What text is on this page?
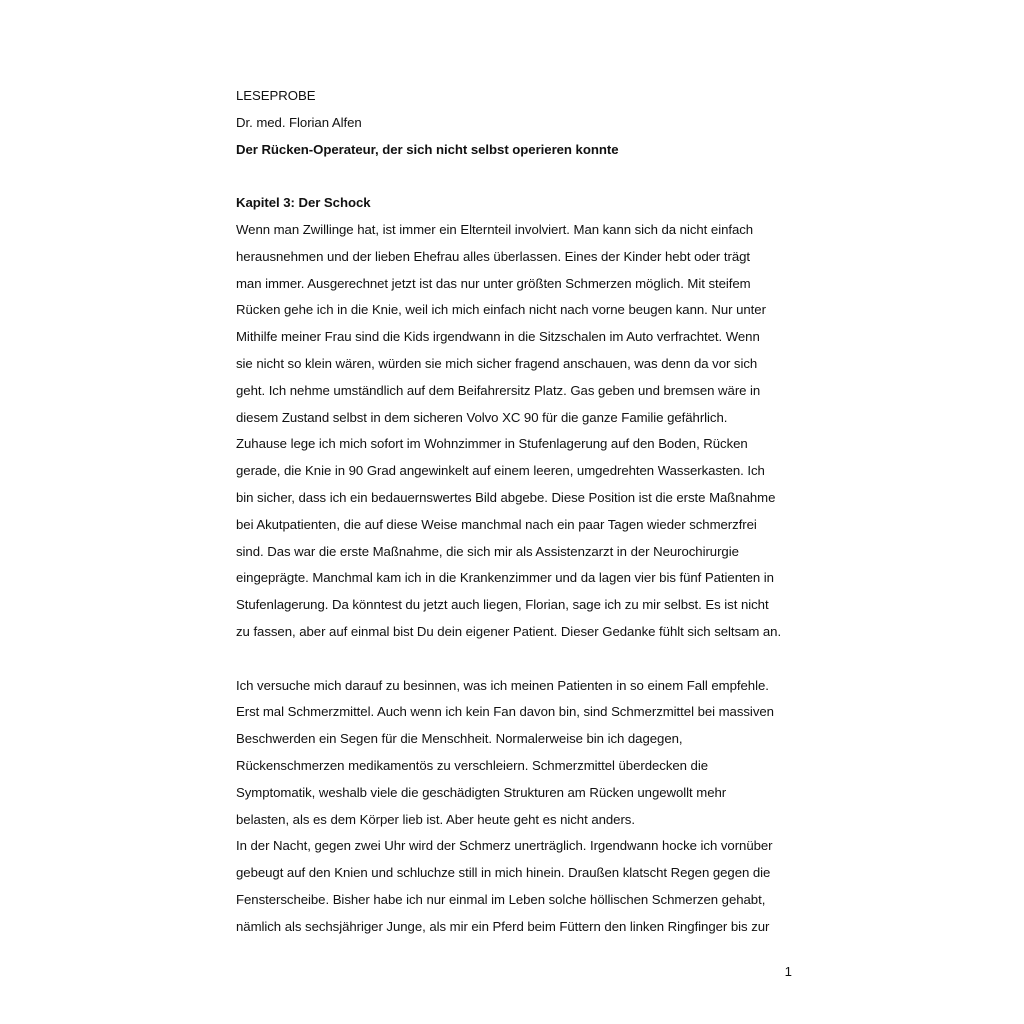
LESEPROBE
Dr. med. Florian Alfen
Der Rücken-Operateur, der sich nicht selbst operieren konnte
Kapitel 3: Der Schock
Wenn man Zwillinge hat, ist immer ein Elternteil involviert. Man kann sich da nicht einfach
herausnehmen und der lieben Ehefrau alles überlassen. Eines der Kinder hebt oder trägt
man immer. Ausgerechnet jetzt ist das nur unter größten Schmerzen möglich. Mit steifem
Rücken gehe ich in die Knie, weil ich mich einfach nicht nach vorne beugen kann. Nur unter
Mithilfe meiner Frau sind die Kids irgendwann in die Sitzschalen im Auto verfrachtet. Wenn
sie nicht so klein wären, würden sie mich sicher fragend anschauen, was denn da vor sich
geht. Ich nehme umständlich auf dem Beifahrersitz Platz. Gas geben und bremsen wäre in
diesem Zustand selbst in dem sicheren Volvo XC 90 für die ganze Familie gefährlich.
Zuhause lege ich mich sofort im Wohnzimmer in Stufenlagerung auf den Boden, Rücken
gerade, die Knie in 90 Grad angewinkelt auf einem leeren, umgedrehten Wasserkasten. Ich
bin sicher, dass ich ein bedauernswertes Bild abgebe. Diese Position ist die erste Maßnahme
bei Akutpatienten, die auf diese Weise manchmal nach ein paar Tagen wieder schmerzfrei
sind. Das war die erste Maßnahme, die sich mir als Assistenzarzt in der Neurochirurgie
eingeprägte. Manchmal kam ich in die Krankenzimmer und da lagen vier bis fünf Patienten in
Stufenlagerung. Da könntest du jetzt auch liegen, Florian, sage ich zu mir selbst. Es ist nicht
zu fassen, aber auf einmal bist Du dein eigener Patient. Dieser Gedanke fühlt sich seltsam an.
Ich versuche mich darauf zu besinnen, was ich meinen Patienten in so einem Fall empfehle.
Erst mal Schmerzmittel. Auch wenn ich kein Fan davon bin, sind Schmerzmittel bei massiven
Beschwerden ein Segen für die Menschheit. Normalerweise bin ich dagegen,
Rückenschmerzen medikamentös zu verschleiern. Schmerzmittel überdecken die
Symptomatik, weshalb viele die geschädigten Strukturen am Rücken ungewollt mehr
belasten, als es dem Körper lieb ist. Aber heute geht es nicht anders.
In der Nacht, gegen zwei Uhr wird der Schmerz unerträglich. Irgendwann hocke ich vornüber
gebeugt auf den Knien und schluchze still in mich hinein. Draußen klatscht Regen gegen die
Fensterscheibe. Bisher habe ich nur einmal im Leben solche höllischen Schmerzen gehabt,
nämlich als sechsjähriger Junge, als mir ein Pferd beim Füttern den linken Ringfinger bis zur
1
